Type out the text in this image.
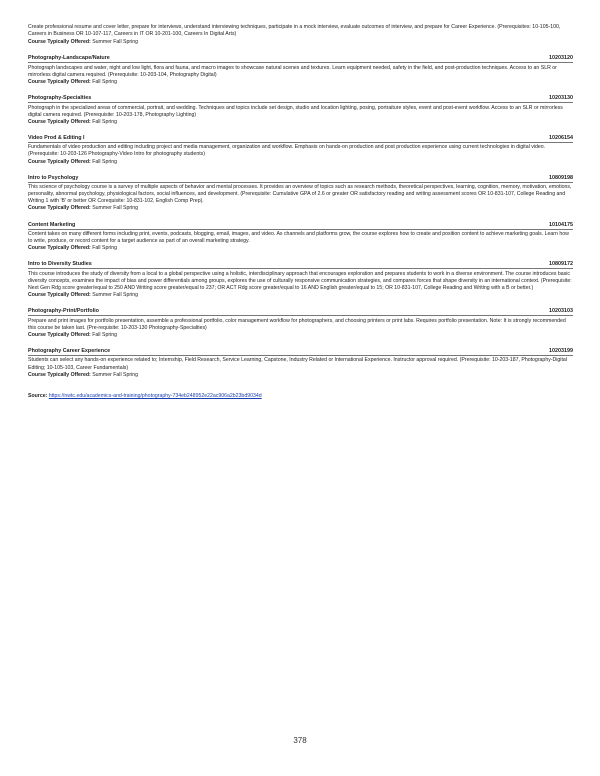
Create professional resume and cover letter, prepare for interviews, understand interviewing techniques, participate in a mock interview, evaluate outcomes of interview, and prepare for Career Experience. (Prerequisites: 10-105-100, Careers in Business OR 10-107-117, Careers in IT OR 10-201-100, Careers In Digital Arts)

Course Typically Offered: Summer Fall Spring
Photography-Landscape/Nature	10203120

Photograph landscapes and water, night and low light, flora and fauna, and macro images to showcase natural scenes and textures. Learn equipment needed, safety in the field, and post-production techniques. Access to an SLR or mirrorless digital camera required. (Prerequisite: 10-203-104, Photography Digital)

Course Typically Offered: Fall Spring
Photography-Specialties	10203130

Photograph in the specialized areas of commercial, portrait, and wedding. Techniques and topics include set design, studio and location lighting, posing, portraiture styles, event and post-event workflow. Access to an SLR or mirrorless digital camera required. (Prerequisite: 10-203-178, Photography Lighting)

Course Typically Offered: Fall Spring
Video Prod & Editing I	10206154

Fundamentals of video production and editing including project and media management, organization and workflow. Emphasis on hands-on production and post production experience using current technologies in digital video. (Prerequisite: 10-203-126 Photography-Video Intro for photography students)

Course Typically Offered: Fall Spring
Intro to Psychology	10809198

This science of psychology course is a survey of multiple aspects of behavior and mental processes. It provides an overview of topics such as research methods, theoretical perspectives, learning, cognition, memory, motivation, emotions, personality, abnormal psychology, physiological factors, social influences, and development. (Prerequisite: Cumulative GPA of 2.6 or greater OR satisfactory reading and writing assessment scores OR 10-831-107, College Reading and Writing 1 with 'B' or better OR Corequisite: 10-831-102, English Comp Prep).

Course Typically Offered: Summer Fall Spring
Content Marketing	10104175

Content takes on many different forms including print, events, podcasts, blogging, email, images, and video. As channels and platforms grow, the course explores how to create and position content to achieve marketing goals. Learn how to write, produce, or record content for a target audience as part of an overall marketing strategy.

Course Typically Offered: Fall Spring
Intro to Diversity Studies	10809172

This course introduces the study of diversity from a local to a global perspective using a holistic, interdisciplinary approach that encourages exploration and prepares students to work in a diverse environment. The course introduces basic diversity concepts, examines the impact of bias and power differentials among groups, explores the use of culturally responsive communication strategies, and compares forces that shape diversity in an international context. (Prerequisite: Next Gen Rdg score greater/equal to 250 AND Writing score greater/equal to 237; OR ACT Rdg score greater/equal to 16 AND English greater/equal to 15; OR 10-831-107, College Reading and Writing with a B or better.)

Course Typically Offered: Summer Fall Spring
Photography-Print/Portfolio	10203103

Prepare and print images for portfolio presentation, assemble a professional portfolio, color management workflow for photographers, and choosing printers or print labs. Requires portfolio presentation. Note: It is strongly recommended this course be taken last. (Pre-requisite: 10-203-130 Photography-Specialties)

Course Typically Offered: Fall Spring
Photography Career Experience	10203199

Students can select any hands-on experience related to; Internship, Field Research, Service Learning, Capstone, Industry Related or International Experience. Instructor approval required. (Prerequisite: 10-203-187, Photography-Digital Editing; 10-105-103, Career Fundamentals)

Course Typically Offered: Summer Fall Spring
Source: https://nwtc.edu/academics-and-training/photography-734eb248952e22ac906a2b23bd9034d
378
